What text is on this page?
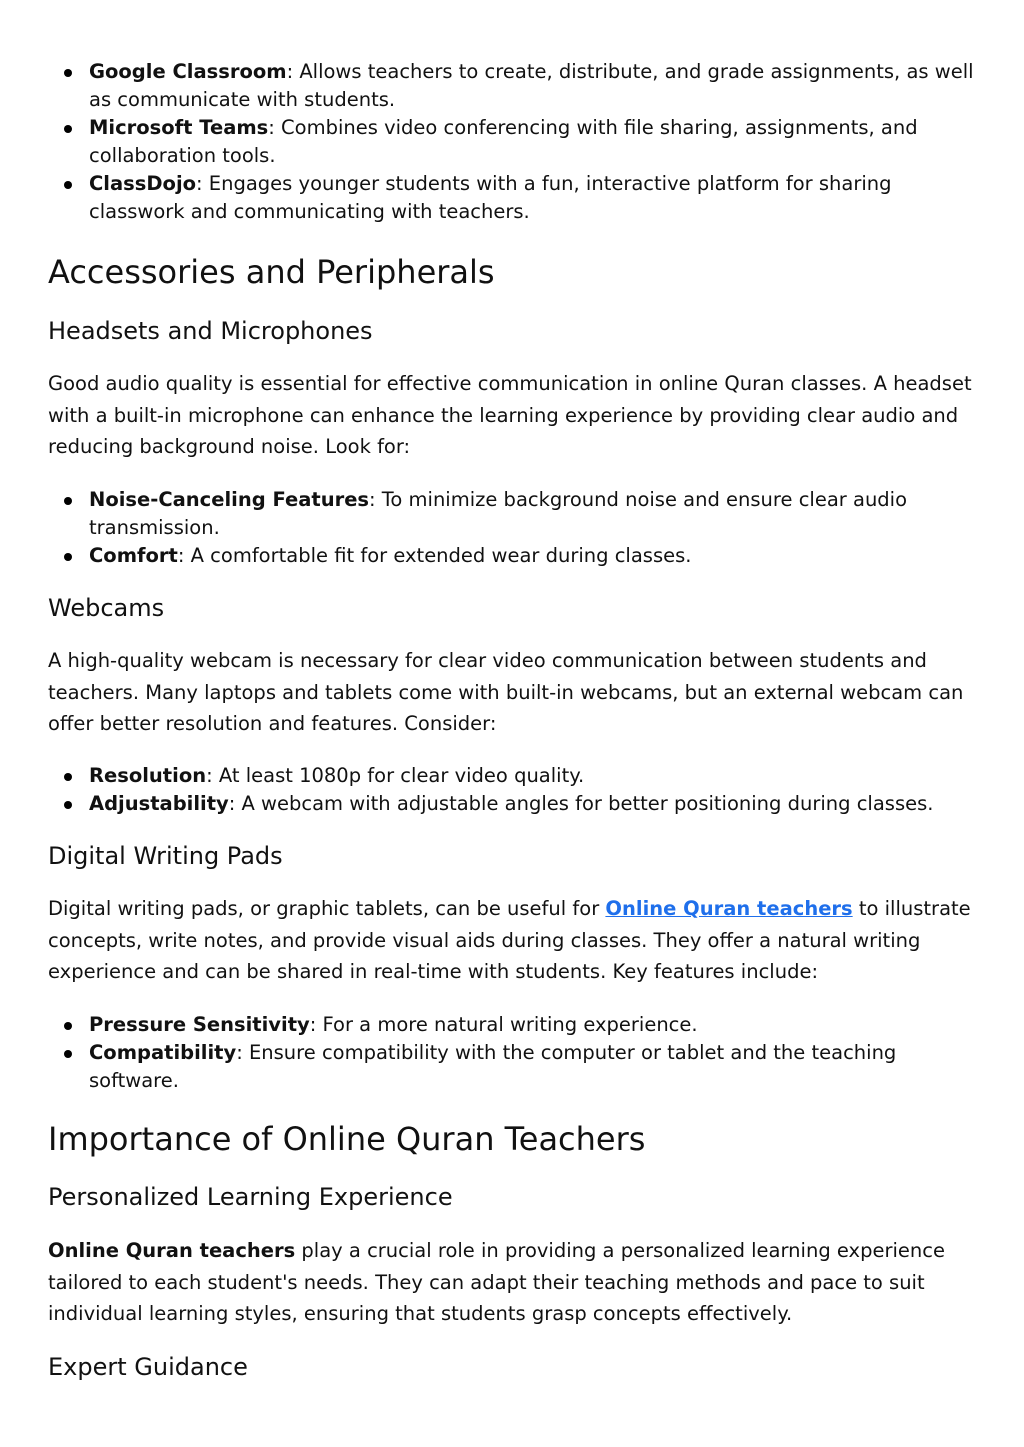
Google Classroom: Allows teachers to create, distribute, and grade assignments, as well as communicate with students.
Microsoft Teams: Combines video conferencing with file sharing, assignments, and collaboration tools.
ClassDojo: Engages younger students with a fun, interactive platform for sharing classwork and communicating with teachers.
Accessories and Peripherals
Headsets and Microphones

Good audio quality is essential for effective communication in online Quran classes. A headset with a built-in microphone can enhance the learning experience by providing clear audio and reducing background noise. Look for:

Noise-Canceling Features: To minimize background noise and ensure clear audio transmission.
Comfort: A comfortable fit for extended wear during classes.
Webcams

A high-quality webcam is necessary for clear video communication between students and teachers. Many laptops and tablets come with built-in webcams, but an external webcam can offer better resolution and features. Consider:

Resolution: At least 1080p for clear video quality.
Adjustability: A webcam with adjustable angles for better positioning during classes.
Digital Writing Pads

Digital writing pads, or graphic tablets, can be useful for Online Quran teachers to illustrate concepts, write notes, and provide visual aids during classes. They offer a natural writing experience and can be shared in real-time with students. Key features include:

Pressure Sensitivity: For a more natural writing experience.
Compatibility: Ensure compatibility with the computer or tablet and the teaching software.
Importance of Online Quran Teachers
Personalized Learning Experience

Online Quran teachers play a crucial role in providing a personalized learning experience tailored to each student's needs. They can adapt their teaching methods and pace to suit individual learning styles, ensuring that students grasp concepts effectively.

Expert Guidance
